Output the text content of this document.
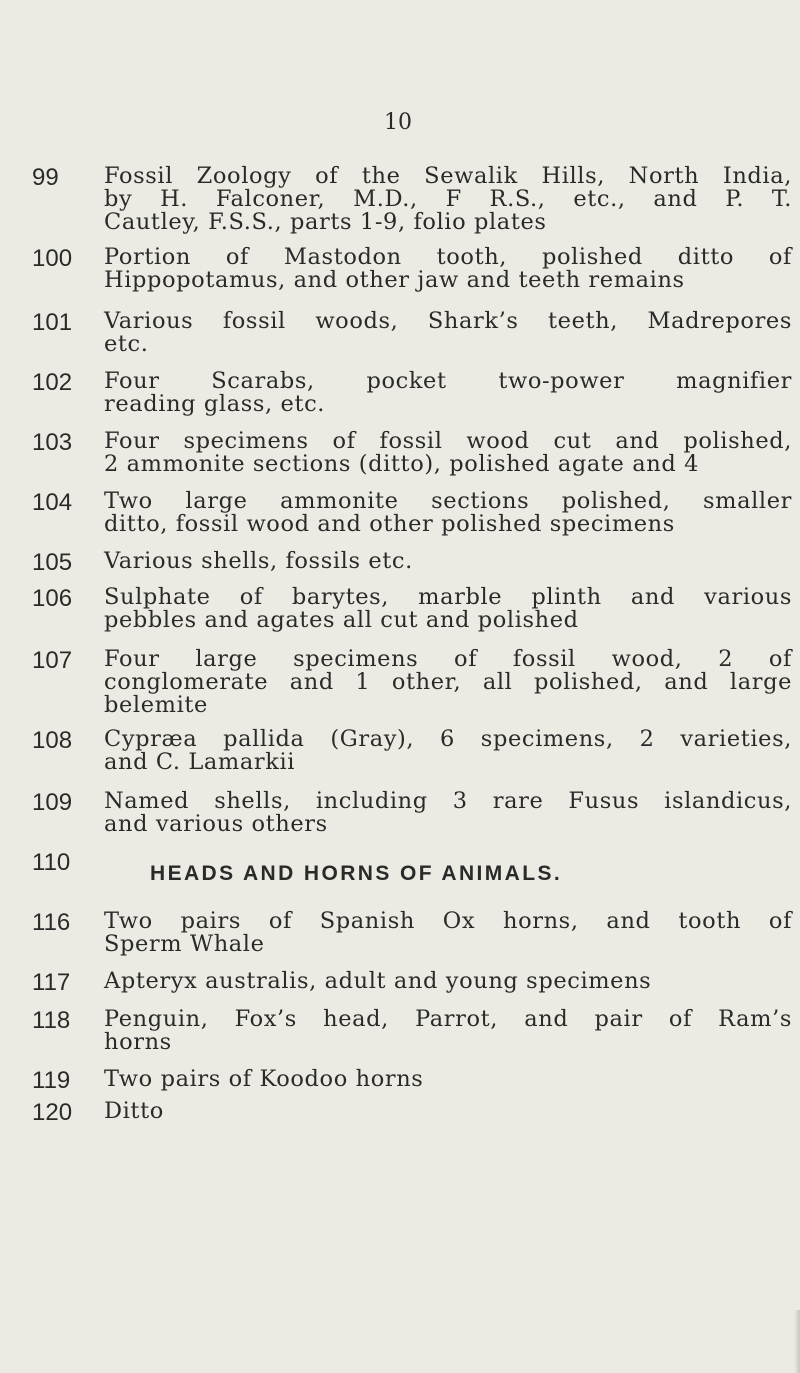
10
99	Fossil Zoology of the Sewalik Hills, North India,
by H. Falconer, M.D., F R.S., etc., and P. T.
Cautley, F.S.S., parts 1-9, folio plates
100	Portion of Mastodon tooth, polished ditto of
Hippopotamus, and other jaw and teeth remains
101	Various fossil woods, Shark’s teeth, Madrepores
etc.
102	Four Scarabs, pocket two-power magnifier
reading glass, etc.
103	Four specimens of fossil wood cut and polished,
2 ammonite sections (ditto), polished agate and 4
104	Two large ammonite sections polished, smaller
ditto, fossil wood and other polished specimens
105	Various shells, fossils etc.
106	Sulphate of barytes, marble plinth and various
pebbles and agates all cut and polished
107	Four large specimens of fossil wood, 2 of
conglomerate and 1 other, all polished, and large
belemite
108	Cypræa pallida (Gray), 6 specimens, 2 varieties,
and C. Lamarkii
109	Named shells, including 3 rare Fusus islandicus,
and various others
110	HEADS AND HORNS OF ANIMALS.
116	Two pairs of Spanish Ox horns, and tooth of
Sperm Whale
117	Apteryx australis, adult and young specimens
118	Penguin, Fox’s head, Parrot, and pair of Ram’s
horns
119	Two pairs of Koodoo horns
120	Ditto
